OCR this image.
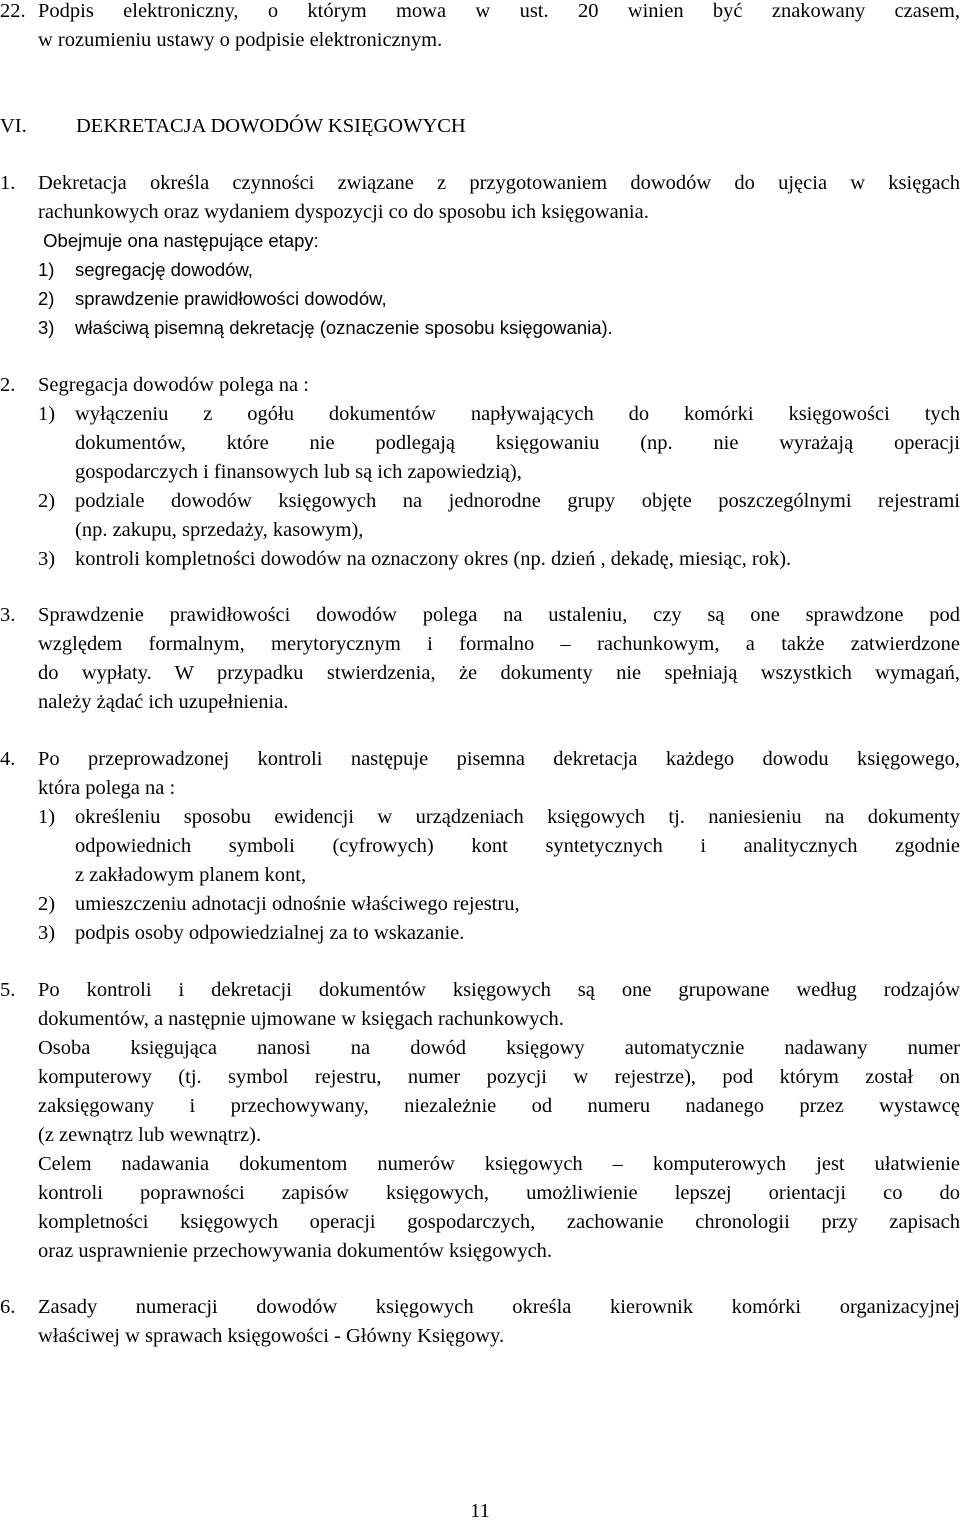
22. Podpis elektroniczny, o którym mowa w ust. 20 winien być znakowany czasem,
w rozumieniu ustawy o podpisie elektronicznym.
VI. DEKRETACJA DOWODÓW KSIĘGOWYCH
1. Dekretacja określa czynności związane z przygotowaniem dowodów do ujęcia w księgach
rachunkowych oraz wydaniem dyspozycji co do sposobu ich księgowania.
Obejmuje ona następujące etapy:
1) segregację dowodów,
2) sprawdzenie prawidłowości dowodów,
3) właściwą pisemną dekretację (oznaczenie sposobu księgowania).
2. Segregacja dowodów polega na :
1) wyłączeniu z ogółu dokumentów napływających do komórki księgowości tych
dokumentów, które nie podlegają księgowaniu (np. nie wyrażają operacji
gospodarczych i finansowych lub są ich zapowiedzią),
2) podziale dowodów księgowych na jednorodne grupy objęte poszczególnymi rejestrami
(np. zakupu, sprzedaży, kasowym),
3) kontroli kompletności dowodów na oznaczony okres (np. dzień , dekadę, miesiąc, rok).
3. Sprawdzenie prawidłowości dowodów polega na ustaleniu, czy są one sprawdzone pod
względem formalnym, merytorycznym i formalno – rachunkowym, a także zatwierdzone
do wypłaty. W przypadku stwierdzenia, że dokumenty nie spełniają wszystkich wymagań,
należy żądać ich uzupełnienia.
4. Po przeprowadzonej kontroli następuje pisemna dekretacja każdego dowodu księgowego,
która polega na :
1) określeniu sposobu ewidencji w urządzeniach księgowych tj. naniesieniu na dokumenty
odpowiednich symboli (cyfrowych) kont syntetycznych i analitycznych zgodnie
z zakładowym planem kont,
2) umieszczeniu adnotacji odnośnie właściwego rejestru,
3) podpis osoby odpowiedzialnej za to wskazanie.
5. Po kontroli i dekretacji dokumentów księgowych są one grupowane według rodzajów
dokumentów, a następnie ujmowane w księgach rachunkowych.
Osoba księgująca nanosi na dowód księgowy automatycznie nadawany numer
komputerowy (tj. symbol rejestru, numer pozycji w rejestrze), pod którym został on
zaksięgowany i przechowywany, niezależnie od numeru nadanego przez wystawcę
(z zewnątrz lub wewnątrz).
Celem nadawania dokumentom numerów księgowych – komputerowych jest ułatwienie
kontroli poprawności zapisów księgowych, umożliwienie lepszej orientacji co do
kompletności księgowych operacji gospodarczych, zachowanie chronologii przy zapisach
oraz usprawnienie przechowywania dokumentów księgowych.
6. Zasady numeracji dowodów księgowych określa kierownik komórki organizacyjnej
właściwej w sprawach księgowości - Główny Księgowy.
11
